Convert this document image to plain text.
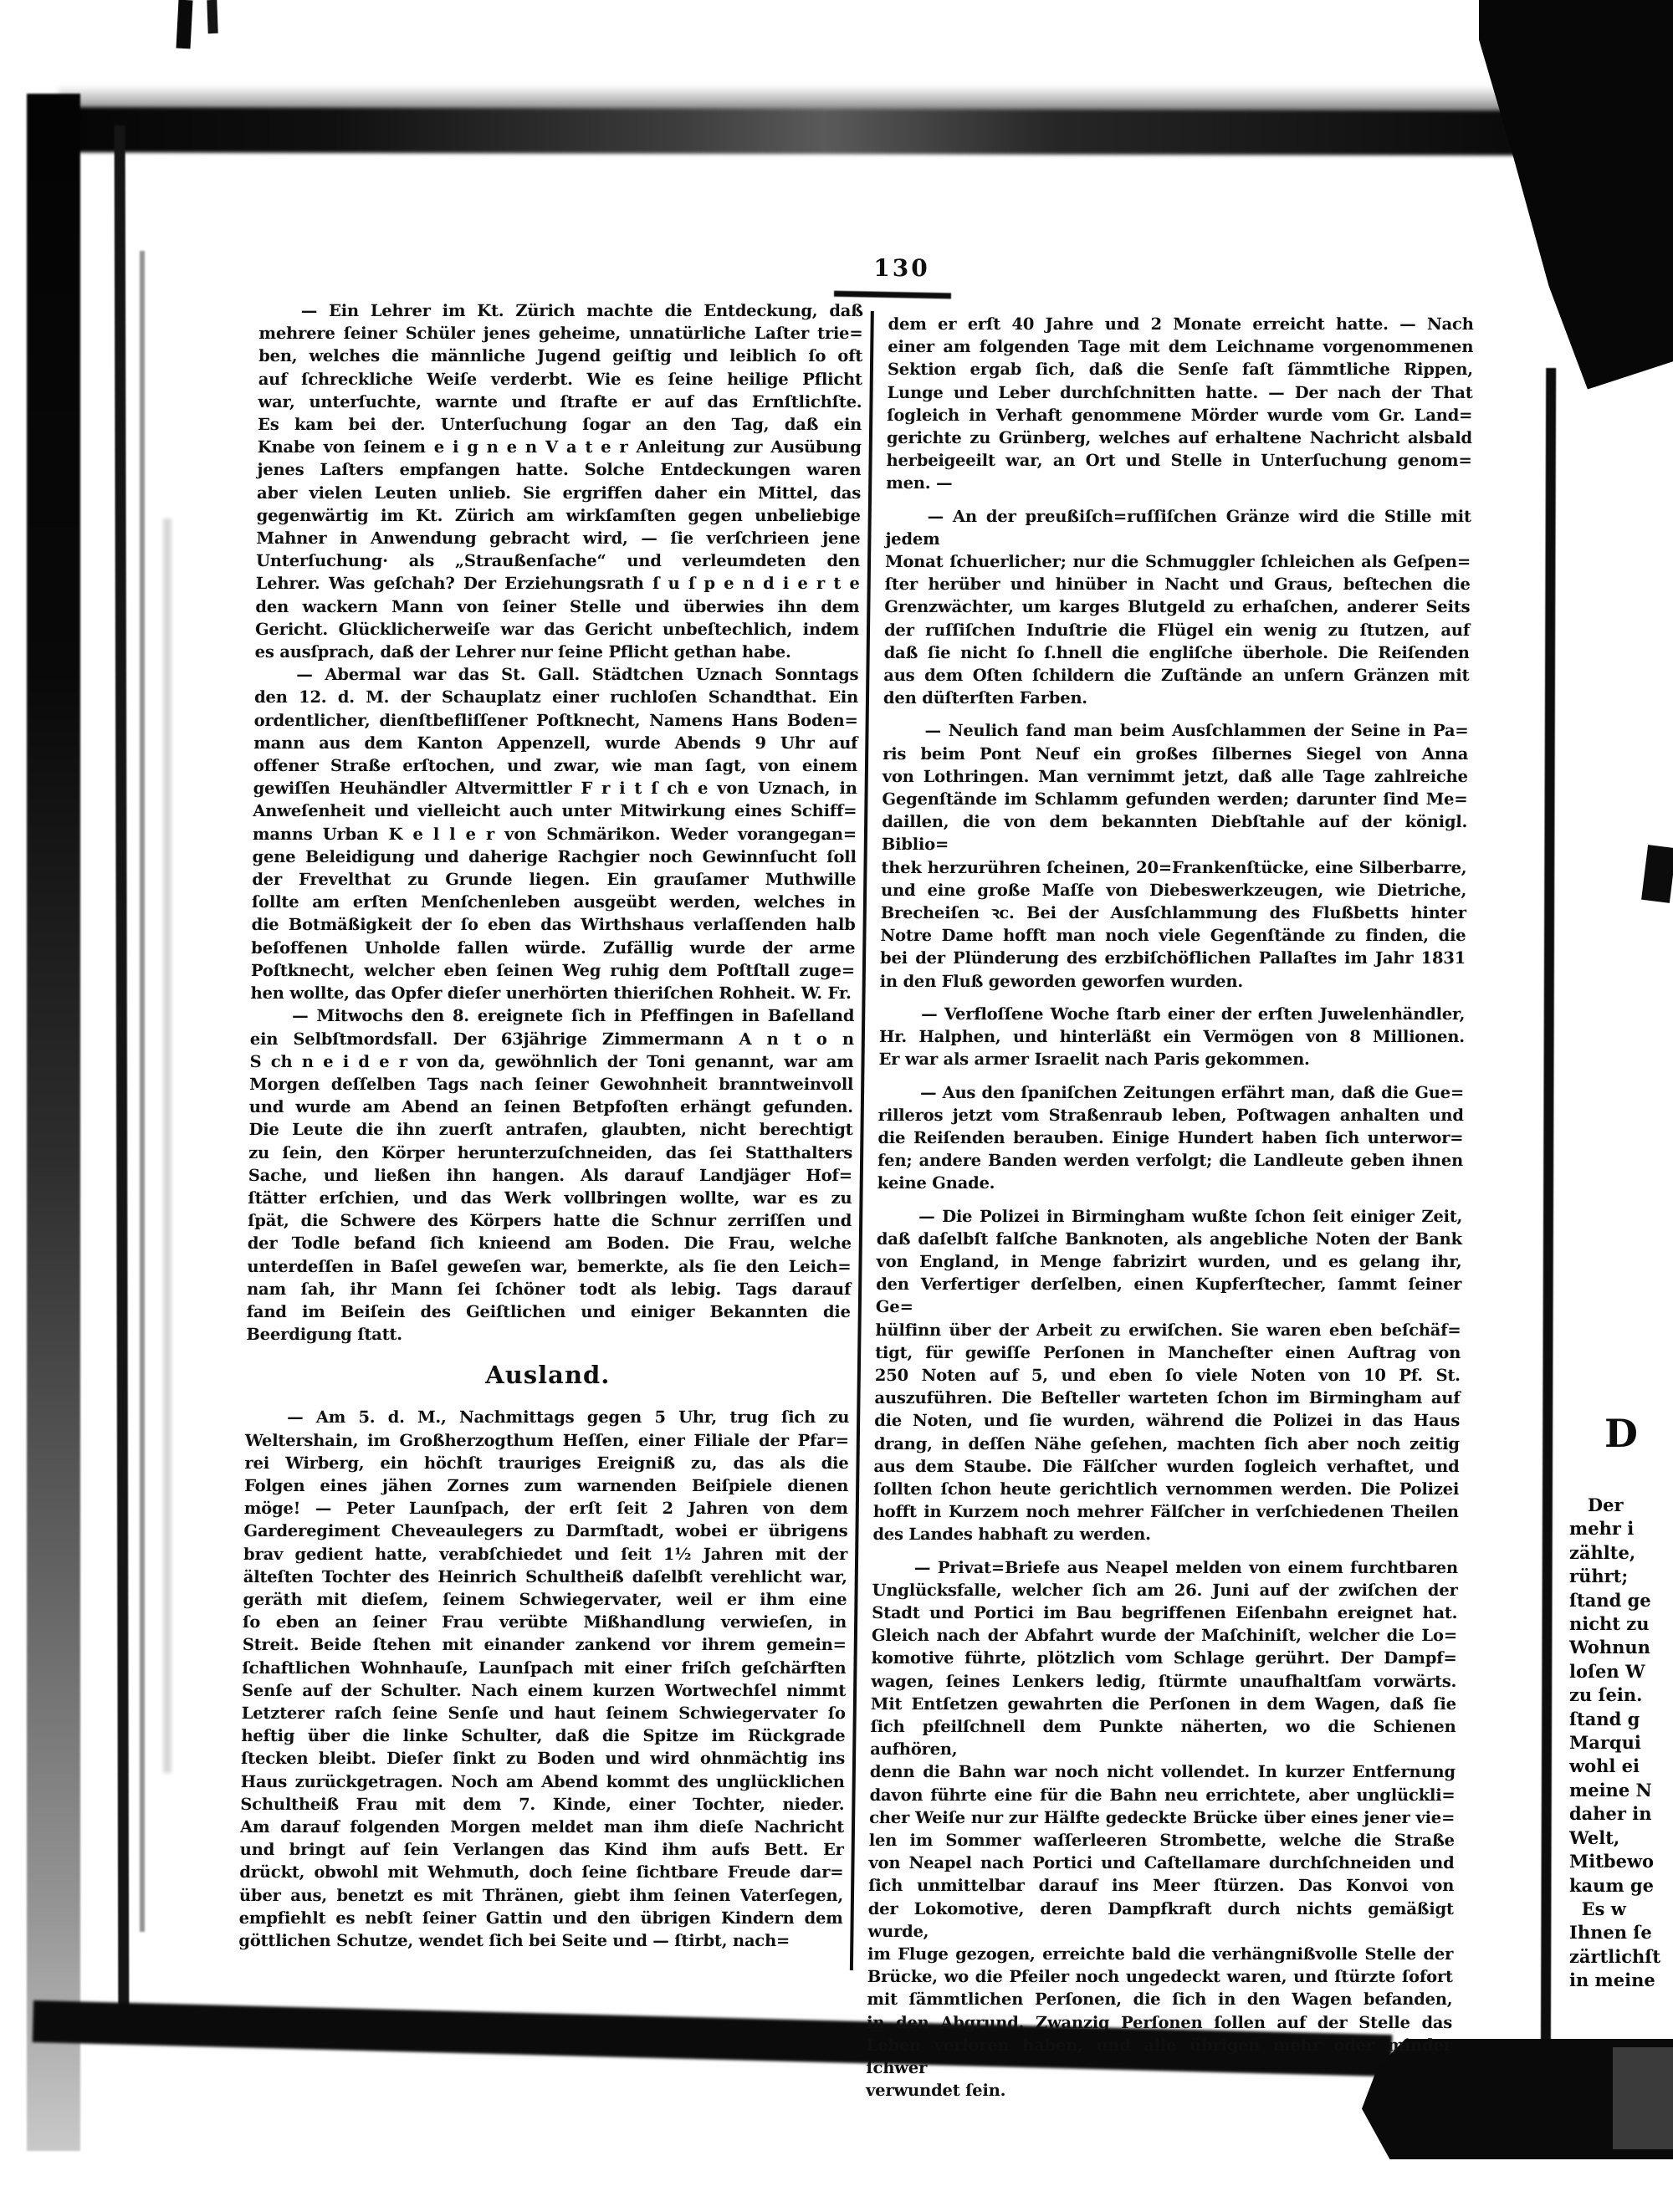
130
— Ein Lehrer im Kt. Zürich machte die Entdeckung, daß
mehrere ſeiner Schüler jenes geheime, unnatürliche Laſter trie=
ben, welches die männliche Jugend geiſtig und leiblich ſo oft
auf ſchreckliche Weiſe verderbt. Wie es ſeine heilige Pflicht
war, unterſuchte, warnte und ſtrafte er auf das Ernſtlichſte.
Es kam bei der. Unterſuchung ſogar an den Tag, daß ein
Knabe von ſeinem e i g n e n V a t e r Anleitung zur Ausübung
jenes Laſters empfangen hatte. Solche Entdeckungen waren
aber vielen Leuten unlieb. Sie ergriffen daher ein Mittel, das
gegenwärtig im Kt. Zürich am wirkſamſten gegen unbeliebige
Mahner in Anwendung gebracht wird, — ſie verſchrieen jene
Unterſuchung· als „Straußenſache“ und verleumdeten den
Lehrer. Was geſchah? Der Erziehungsrath ſ u ſ p e n d i e r t e
den wackern Mann von ſeiner Stelle und überwies ihn dem
Gericht. Glücklicherweiſe war das Gericht unbeſtechlich, indem
es ausſprach, daß der Lehrer nur ſeine Pflicht gethan habe.
— Abermal war das St. Gall. Städtchen Uznach Sonntags
den 12. d. M. der Schauplatz einer ruchloſen Schandthat. Ein
ordentlicher, dienſtbefliſſener Poſtknecht, Namens Hans Boden=
mann aus dem Kanton Appenzell, wurde Abends 9 Uhr auf
offener Straße erſtochen, und zwar, wie man ſagt, von einem
gewiſſen Heuhändler Altvermittler F r i t ſ ch e von Uznach, in
Anweſenheit und vielleicht auch unter Mitwirkung eines Schiff=
manns Urban K e l l e r von Schmärikon. Weder vorangegan=
gene Beleidigung und daherige Rachgier noch Gewinnſucht ſoll
der Frevelthat zu Grunde liegen. Ein grauſamer Muthwille
ſollte am erſten Menſchenleben ausgeübt werden, welches in
die Botmäßigkeit der ſo eben das Wirthshaus verlaſſenden halb
beſoffenen Unholde fallen würde. Zufällig wurde der arme
Poſtknecht, welcher eben ſeinen Weg ruhig dem Poſtſtall zuge=
hen wollte, das Opfer dieſer unerhörten thieriſchen Rohheit. W. Fr.
— Mitwochs den 8. ereignete ſich in Pfeffingen in Baſelland
ein Selbſtmordsfall. Der 63jährige Zimmermann A n t o n
S ch n e i d e r von da, gewöhnlich der Toni genannt, war am
Morgen deſſelben Tags nach ſeiner Gewohnheit branntweinvoll
und wurde am Abend an ſeinen Betpfoſten erhängt gefunden.
Die Leute die ihn zuerſt antrafen, glaubten, nicht berechtigt
zu ſein, den Körper herunterzuſchneiden, das ſei Statthalters
Sache, und ließen ihn hangen. Als darauf Landjäger Hof=
ſtätter erſchien, und das Werk vollbringen wollte, war es zu
ſpät, die Schwere des Körpers hatte die Schnur zerriſſen und
der Todle befand ſich knieend am Boden. Die Frau, welche
unterdeſſen in Baſel geweſen war, bemerkte, als ſie den Leich=
nam ſah, ihr Mann ſei ſchöner todt als lebig. Tags darauf
fand im Beiſein des Geiſtlichen und einiger Bekannten die
Beerdigung ſtatt.
Ausland.
— Am 5. d. M., Nachmittags gegen 5 Uhr, trug ſich zu
Weltershain, im Großherzogthum Heſſen, einer Filiale der Pfar=
rei Wirberg, ein höchſt trauriges Ereigniß zu, das als die
Folgen eines jähen Zornes zum warnenden Beiſpiele dienen
möge! — Peter Launſpach, der erſt ſeit 2 Jahren von dem
Garderegiment Cheveaulegers zu Darmſtadt, wobei er übrigens
brav gedient hatte, verabſchiedet und ſeit 1½ Jahren mit der
älteſten Tochter des Heinrich Schultheiß daſelbſt verehlicht war,
geräth mit dieſem, ſeinem Schwiegervater, weil er ihm eine
ſo eben an ſeiner Frau verübte Mißhandlung verwieſen, in
Streit. Beide ſtehen mit einander zankend vor ihrem gemein=
ſchaftlichen Wohnhauſe, Launſpach mit einer friſch geſchärften
Senſe auf der Schulter. Nach einem kurzen Wortwechſel nimmt
Letzterer raſch ſeine Senſe und haut ſeinem Schwiegervater ſo
heftig über die linke Schulter, daß die Spitze im Rückgrade
ſtecken bleibt. Dieſer ſinkt zu Boden und wird ohnmächtig ins
Haus zurückgetragen. Noch am Abend kommt des unglücklichen
Schultheiß Frau mit dem 7. Kinde, einer Tochter, nieder.
Am darauf folgenden Morgen meldet man ihm dieſe Nachricht
und bringt auf ſein Verlangen das Kind ihm aufs Bett. Er
drückt, obwohl mit Wehmuth, doch ſeine ſichtbare Freude dar=
über aus, benetzt es mit Thränen, giebt ihm ſeinen Vaterſegen,
empfiehlt es nebſt ſeiner Gattin und den übrigen Kindern dem
göttlichen Schutze, wendet ſich bei Seite und — ſtirbt, nach=
dem er erſt 40 Jahre und 2 Monate erreicht hatte. — Nach
einer am folgenden Tage mit dem Leichname vorgenommenen
Sektion ergab ſich, daß die Senſe faſt ſämmtliche Rippen,
Lunge und Leber durchſchnitten hatte. — Der nach der That
ſogleich in Verhaft genommene Mörder wurde vom Gr. Land=
gerichte zu Grünberg, welches auf erhaltene Nachricht alsbald
herbeigeeilt war, an Ort und Stelle in Unterſuchung genom=
men. —
— An der preußiſch=ruſſiſchen Gränze wird die Stille mit jedem
Monat ſchuerlicher; nur die Schmuggler ſchleichen als Geſpen=
ſter herüber und hinüber in Nacht und Graus, beſtechen die
Grenzwächter, um karges Blutgeld zu erhaſchen, anderer Seits
der ruſſiſchen Induſtrie die Flügel ein wenig zu ſtutzen, auf
daß ſie nicht ſo ſ.hnell die engliſche überhole. Die Reiſenden
aus dem Oſten ſchildern die Zuſtände an unſern Gränzen mit
den düſterſten Farben.
— Neulich fand man beim Ausſchlammen der Seine in Pa=
ris beim Pont Neuf ein großes ſilbernes Siegel von Anna
von Lothringen. Man vernimmt jetzt, daß alle Tage zahlreiche
Gegenſtände im Schlamm gefunden werden; darunter ſind Me=
daillen, die von dem bekannten Diebſtahle auf der königl. Biblio=
thek herzurühren ſcheinen, 20=Frankenſtücke, eine Silberbarre,
und eine große Maſſe von Diebeswerkzeugen, wie Dietriche,
Brecheiſen ꝛc. Bei der Ausſchlammung des Flußbetts hinter
Notre Dame hofft man noch viele Gegenſtände zu finden, die
bei der Plünderung des erzbiſchöflichen Pallaſtes im Jahr 1831
in den Fluß geworden geworfen wurden.
— Verfloſſene Woche ſtarb einer der erſten Juwelenhändler,
Hr. Halphen, und hinterläßt ein Vermögen von 8 Millionen.
Er war als armer Israelit nach Paris gekommen.
— Aus den ſpaniſchen Zeitungen erfährt man, daß die Gue=
rilleros jetzt vom Straßenraub leben, Poſtwagen anhalten und
die Reiſenden berauben. Einige Hundert haben ſich unterwor=
fen; andere Banden werden verfolgt; die Landleute geben ihnen
keine Gnade.
— Die Polizei in Birmingham wußte ſchon ſeit einiger Zeit,
daß daſelbſt falſche Banknoten, als angebliche Noten der Bank
von England, in Menge fabrizirt wurden, und es gelang ihr,
den Verfertiger derſelben, einen Kupferſtecher, ſammt ſeiner Ge=
hülfinn über der Arbeit zu erwiſchen. Sie waren eben beſchäf=
tigt, für gewiſſe Perſonen in Mancheſter einen Auftrag von
250 Noten auf 5, und eben ſo viele Noten von 10 Pf. St.
auszuführen. Die Beſteller warteten ſchon im Birmingham auf
die Noten, und ſie wurden, während die Polizei in das Haus
drang, in deſſen Nähe geſehen, machten ſich aber noch zeitig
aus dem Staube. Die Fälſcher wurden ſogleich verhaftet, und
ſollten ſchon heute gerichtlich vernommen werden. Die Polizei
hofft in Kurzem noch mehrer Fälſcher in verſchiedenen Theilen
des Landes habhaft zu werden.
— Privat=Briefe aus Neapel melden von einem furchtbaren
Unglücksfalle, welcher ſich am 26. Juni auf der zwiſchen der
Stadt und Portici im Bau begriffenen Eiſenbahn ereignet hat.
Gleich nach der Abfahrt wurde der Maſchiniſt, welcher die Lo=
komotive führte, plötzlich vom Schlage gerührt. Der Dampf=
wagen, ſeines Lenkers ledig, ſtürmte unaufhaltſam vorwärts.
Mit Entſetzen gewahrten die Perſonen in dem Wagen, daß ſie
ſich pfeilſchnell dem Punkte näherten, wo die Schienen aufhören,
denn die Bahn war noch nicht vollendet. In kurzer Entfernung
davon führte eine für die Bahn neu errichtete, aber unglückli=
cher Weiſe nur zur Hälfte gedeckte Brücke über eines jener vie=
len im Sommer waſſerleeren Strombette, welche die Straße
von Neapel nach Portici und Caſtellamare durchſchneiden und
ſich unmittelbar darauf ins Meer ſtürzen. Das Konvoi von
der Lokomotive, deren Dampfkraft durch nichts gemäßigt wurde,
im Fluge gezogen, erreichte bald die verhängnißvolle Stelle der
Brücke, wo die Pfeiler noch ungedeckt waren, und ſtürzte ſofort
mit ſämmtlichen Perſonen, die ſich in den Wagen befanden,
in den Abgrund. Zwanzig Perſonen ſollen auf der Stelle das
Leben verloren haben, und alle übrigen mehr oder minder ſchwer
verwundet ſein.
D
Der
mehr i
zählte,
rührt;
ſtand ge
nicht zu
Wohnun
loſen W
zu ſein.
ſtand g
Marqui
wohl ei
meine N
daher in
Welt,
Mitbewo
kaum ge
Es w
Ihnen ſe
zärtlichſt
in meine
